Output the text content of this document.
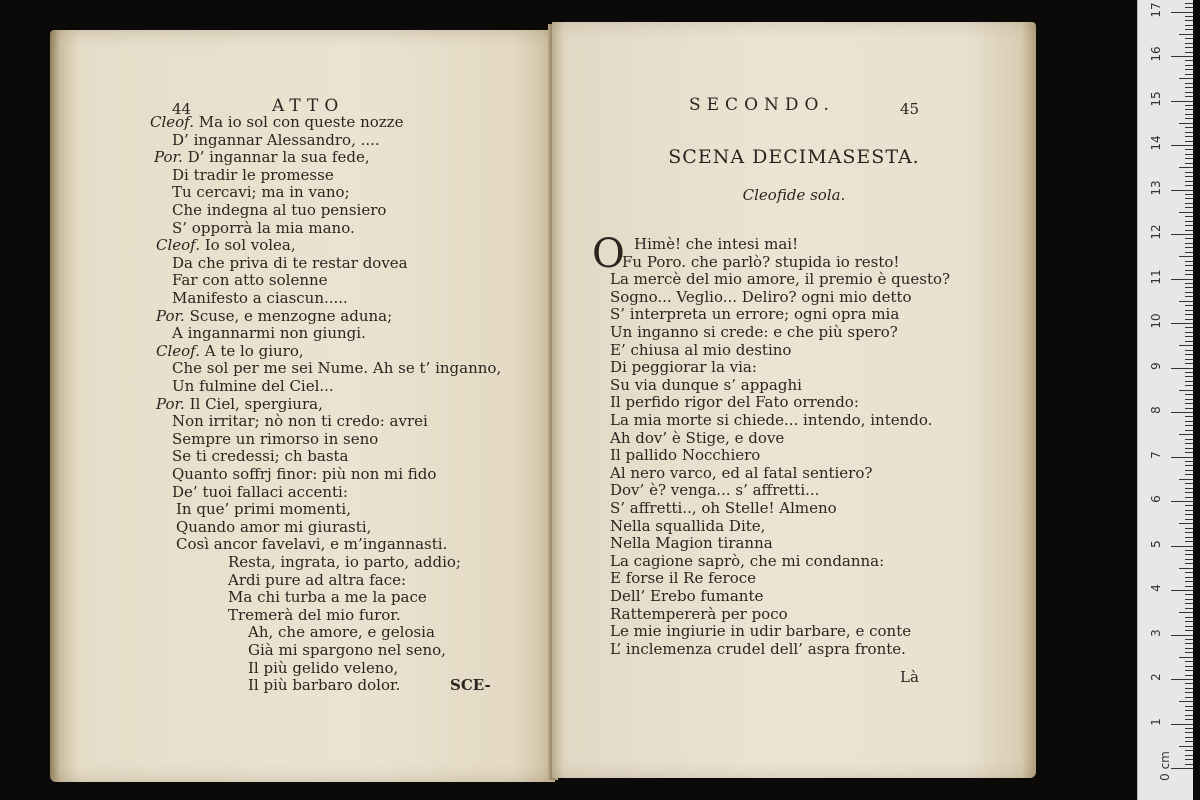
44	ATTO
Cleof. Ma io sol con queste nozze
D’ ingannar Alessandro, ....
Por. D’ ingannar la sua fede,
Di tradir le promesse
Tu cercavi; ma in vano;
Che indegna al tuo pensiero
S’ opporrà la mia mano.
Cleof. Io sol volea,
Da che priva di te restar dovea
Far con atto solenne
Manifesto a ciascun.....
Por. Scuse, e menzogne aduna;
A ingannarmi non giungi.
Cleof. A te lo giuro,
Che sol per me sei Nume. Ah se t’ inganno,
Un fulmine del Ciel...
Por. Il Ciel, spergiura,
Non irritar; nò non ti credo: avrei
Sempre un rimorso in seno
Se ti credessi; ch basta
Quanto soffrj finor: più non mi fido
De’ tuoi fallaci accenti:
In que’ primi momenti,
Quando amor mi giurasti,
Così ancor favelavi, e m’ingannasti.
Resta, ingrata, io parto, addio;
Ardi pure ad altra face:
Ma chi turba a me la pace
Tremerà del mio furor.
Ah, che amore, e gelosia
Già mi spargono nel seno,
Il più gelido veleno,
Il più barbaro dolor.	SCE-
SECONDO.	45
SCENA DECIMASESTA.
Cleofide sola.
O Himè! che intesi mai!
Fu Poro. che parlò? stupida io resto!
La mercè del mio amore, il premio è questo?
Sogno... Veglio... Deliro? ogni mio detto
S’ interpreta un errore; ogni opra mia
Un inganno si crede: e che più spero?
E’ chiusa al mio destino
Di peggiorar la via:
Su via dunque s’ appaghi
Il perfido rigor del Fato orrendo:
La mia morte si chiede... intendo, intendo.
Ah dov’ è Stige, e dove
Il pallido Nocchiero
Al nero varco, ed al fatal sentiero?
Dov’ è? venga... s’ affretti...
S’ affretti.., oh Stelle! Almeno
Nella squallida Dite,
Nella Magion tiranna
La cagione saprò, che mi condanna:
E forse il Re feroce
Dell’ Erebo fumante
Rattempererà per poco
Le mie ingiurie in udir barbare, e conte
L’ inclemenza crudel dell’ aspra fronte.
Là
0 cm
1
2
3
4
5
6
7
8
9
10
11
12
13
14
15
16
17
